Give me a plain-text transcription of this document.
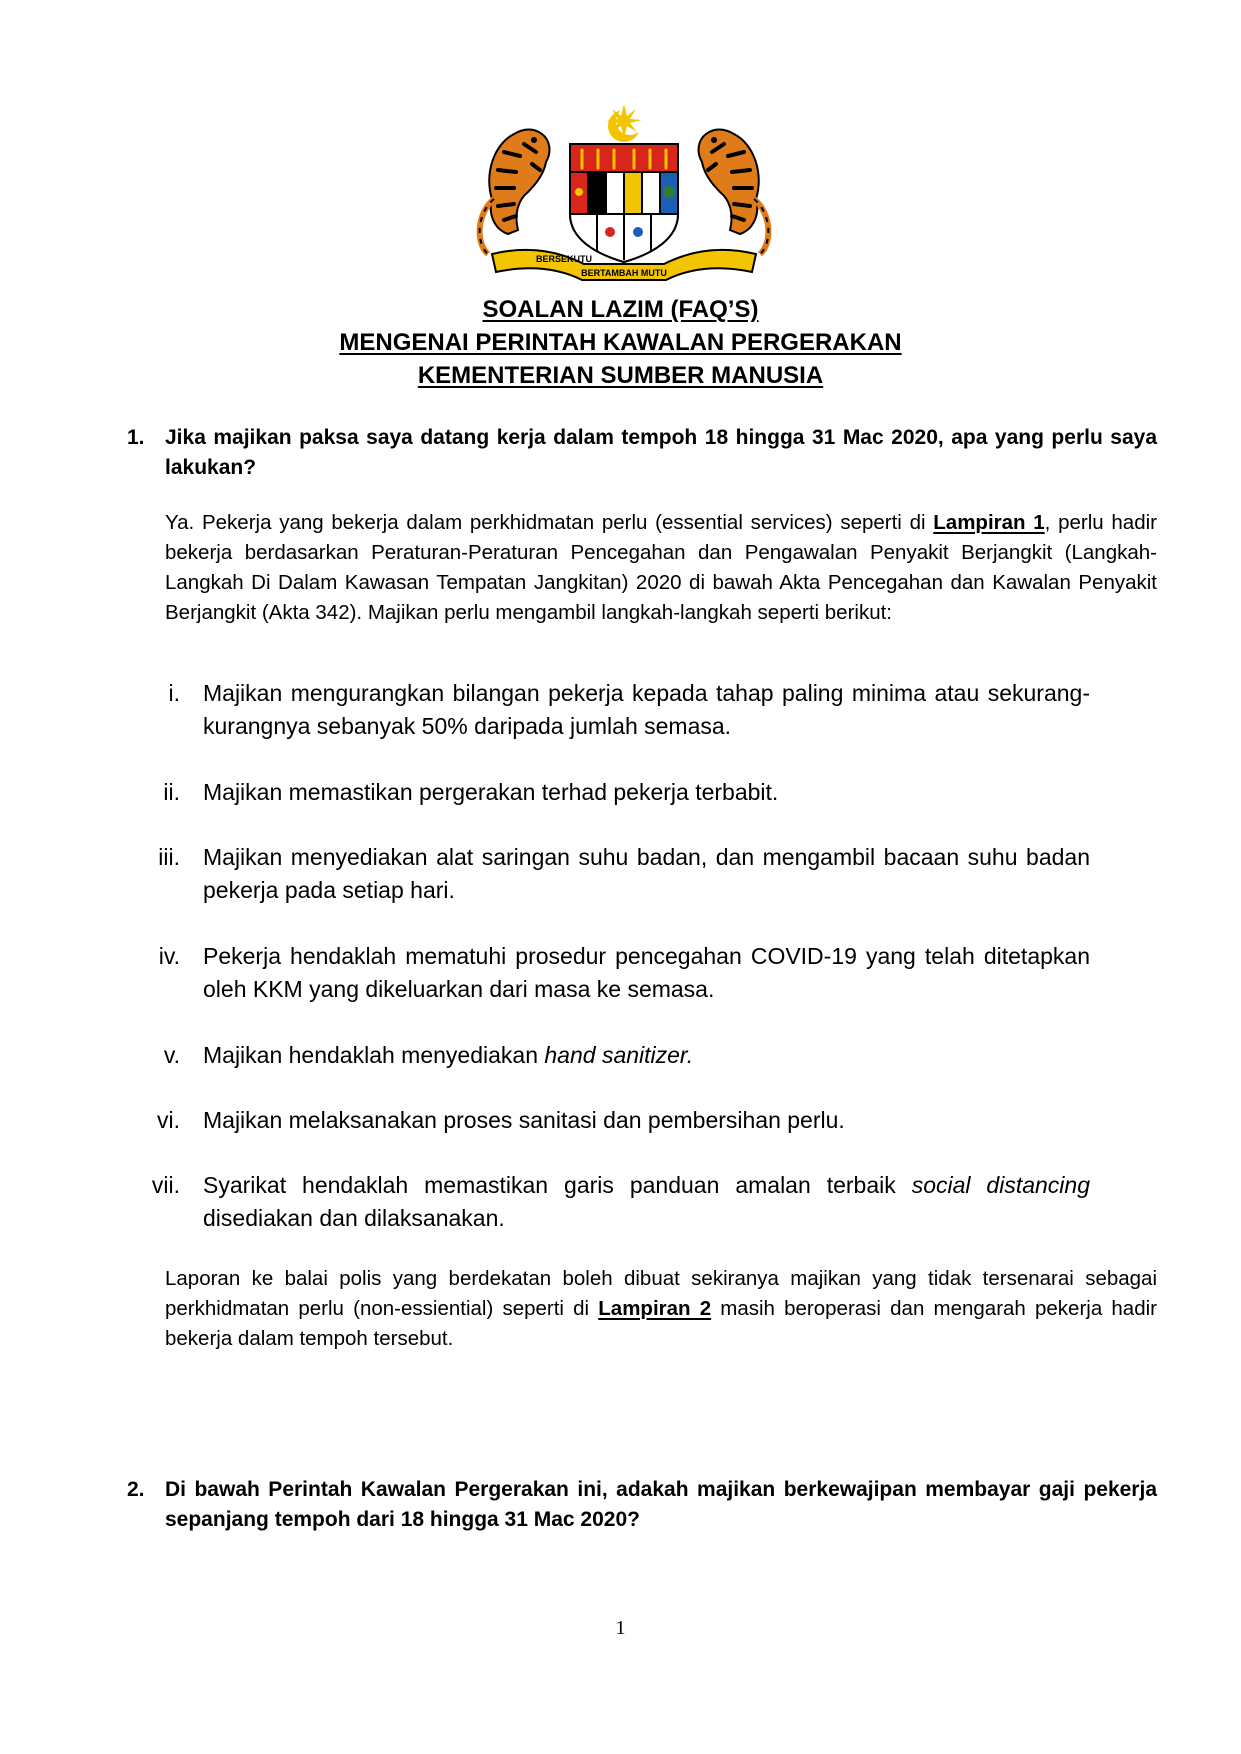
BERSEKUTU
BERTAMBAH MUTU
SOALAN LAZIM (FAQ’S)
MENGENAI PERINTAH KAWALAN PERGERAKAN
KEMENTERIAN SUMBER MANUSIA
1. Jika majikan paksa saya datang kerja dalam tempoh 18 hingga 31 Mac 2020, apa yang perlu saya lakukan?
Ya. Pekerja yang bekerja dalam perkhidmatan perlu (essential services) seperti di Lampiran 1, perlu hadir bekerja berdasarkan Peraturan-Peraturan Pencegahan dan Pengawalan Penyakit Berjangkit (Langkah-Langkah Di Dalam Kawasan Tempatan Jangkitan) 2020 di bawah Akta Pencegahan dan Kawalan Penyakit Berjangkit (Akta 342). Majikan perlu mengambil langkah-langkah seperti berikut:
i. Majikan mengurangkan bilangan pekerja kepada tahap paling minima atau sekurang-kurangnya sebanyak 50% daripada jumlah semasa.
ii. Majikan memastikan pergerakan terhad pekerja terbabit.
iii. Majikan menyediakan alat saringan suhu badan, dan mengambil bacaan suhu badan pekerja pada setiap hari.
iv. Pekerja hendaklah mematuhi prosedur pencegahan COVID-19 yang telah ditetapkan oleh KKM yang dikeluarkan dari masa ke semasa.
v. Majikan hendaklah menyediakan hand sanitizer.
vi. Majikan melaksanakan proses sanitasi dan pembersihan perlu.
vii. Syarikat hendaklah memastikan garis panduan amalan terbaik social distancing disediakan dan dilaksanakan.
Laporan ke balai polis yang berdekatan boleh dibuat sekiranya majikan yang tidak tersenarai sebagai perkhidmatan perlu (non-essiential) seperti di Lampiran 2 masih beroperasi dan mengarah pekerja hadir bekerja dalam tempoh tersebut.
2. Di bawah Perintah Kawalan Pergerakan ini, adakah majikan berkewajipan membayar gaji pekerja sepanjang tempoh dari 18 hingga 31 Mac 2020?
1
